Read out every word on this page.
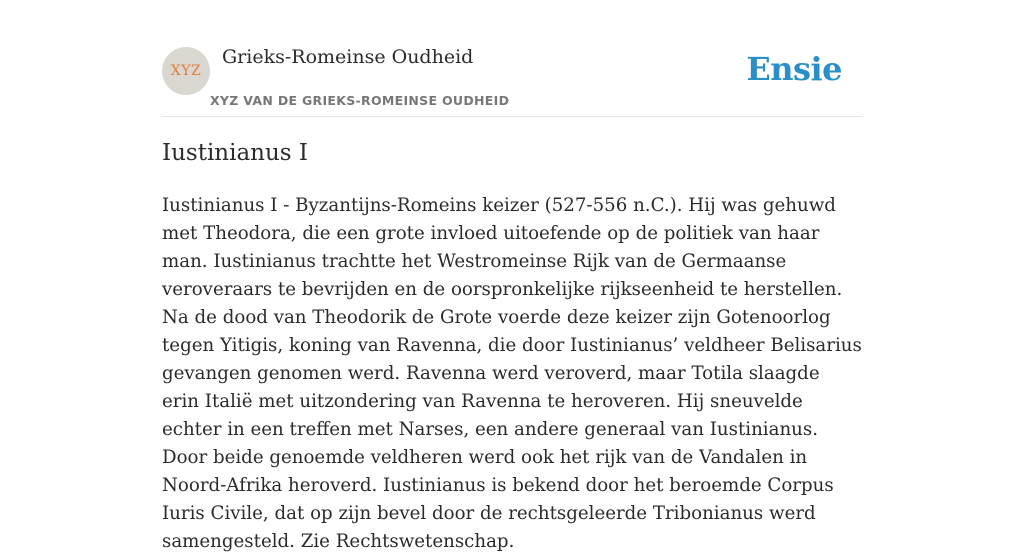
XYZ
Grieks-Romeinse Oudheid
XYZ VAN DE GRIEKS-ROMEINSE OUDHEID
Ensie
Iustinianus I

Iustinianus I - Byzantijns-Romeins keizer (527-556 n.C.). Hij was gehuwd met Theodora, die een grote invloed uitoefende op de politiek van haar man. Iustinianus trachtte het Westromeinse Rijk van de Germaanse veroveraars te bevrijden en de oorspronkelijke rijkseenheid te herstellen. Na de dood van Theodorik de Grote voerde deze keizer zijn Gotenoorlog tegen Yitigis, koning van Ravenna, die door Iustinianus’ veldheer Belisarius gevangen genomen werd. Ravenna werd veroverd, maar Totila slaagde erin Italië met uitzondering van Ravenna te heroveren. Hij sneuvelde echter in een treffen met Narses, een andere generaal van Iustinianus. Door beide genoemde veldheren werd ook het rijk van de Vandalen in Noord-Afrika heroverd. Iustinianus is bekend door het beroemde Corpus Iuris Civile, dat op zijn bevel door de rechtsgeleerde Tribonianus werd samengesteld. Zie Rechtswetenschap.
